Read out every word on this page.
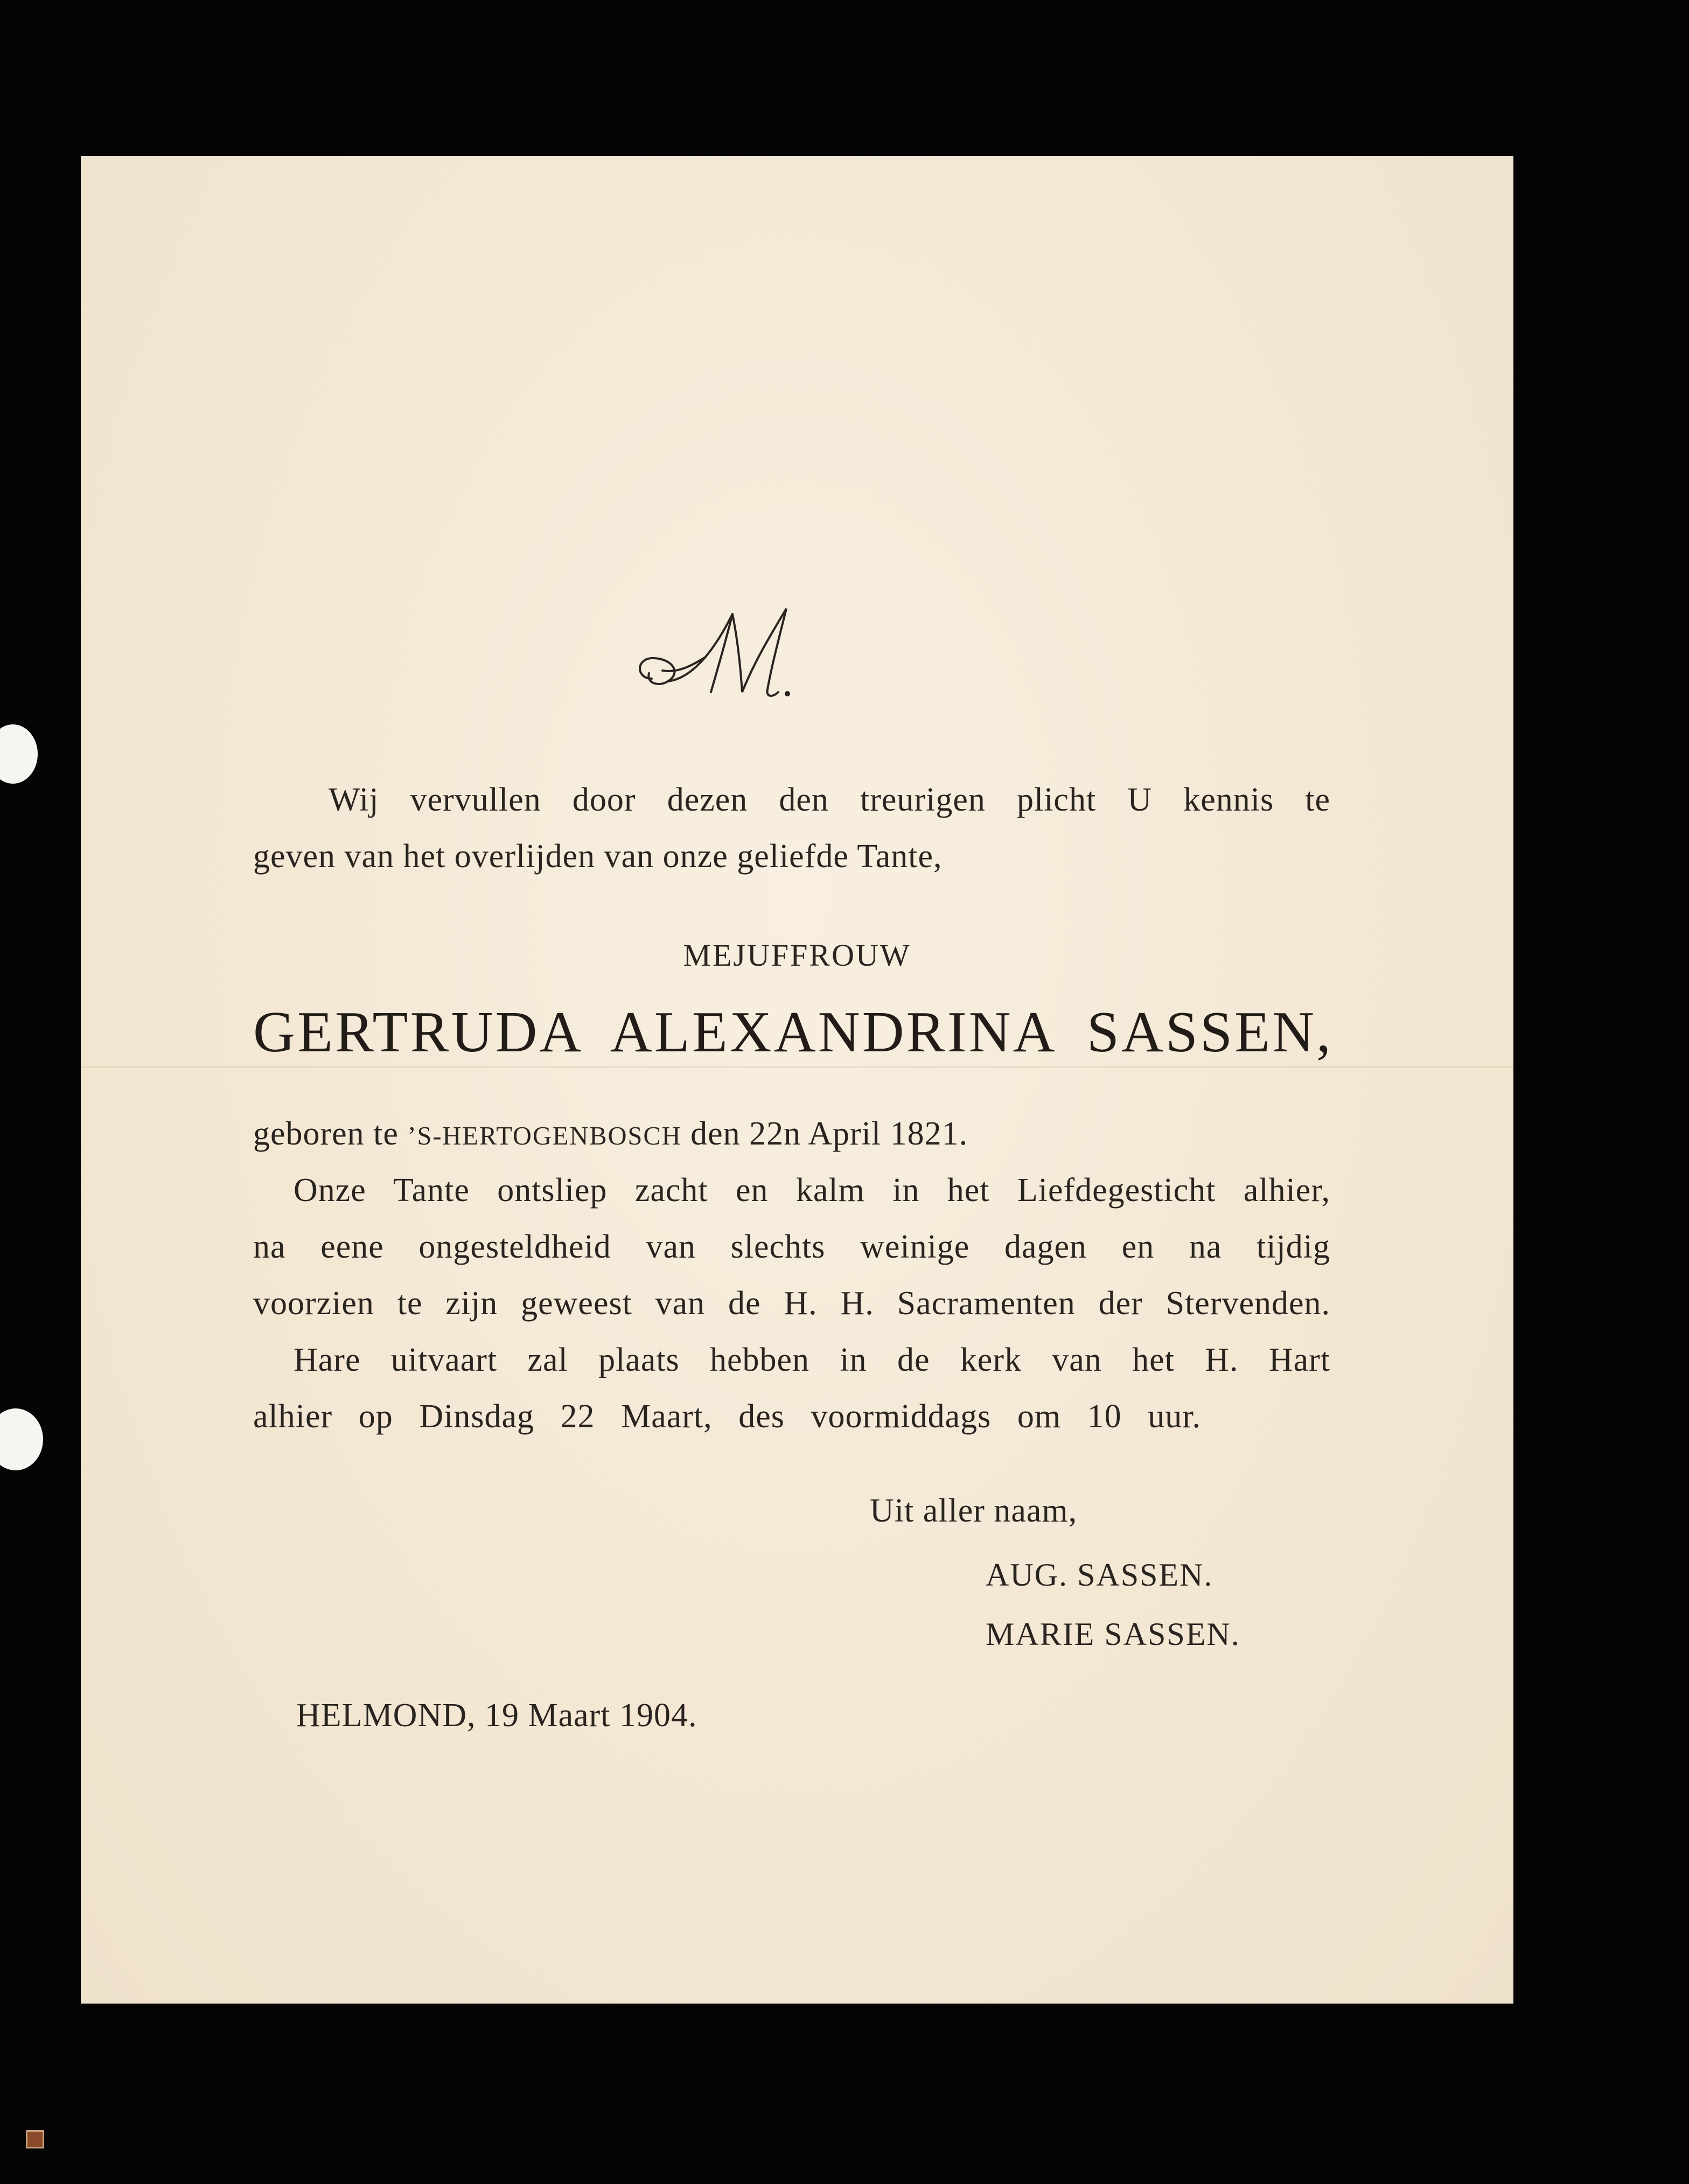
Wij vervullen door dezen den treurigen plicht U kennis te
geven van het overlijden van onze geliefde Tante,
MEJUFFROUW
GERTRUDA ALEXANDRINA SASSEN,
geboren te ’S-HERTOGENBOSCH den 22n April 1821.
Onze Tante ontsliep zacht en kalm in het Liefdegesticht alhier,
na eene ongesteldheid van slechts weinige dagen en na tijdig
voorzien te zijn geweest van de H. H. Sacramenten der Stervenden.
Hare uitvaart zal plaats hebben in de kerk van het H. Hart
alhier op Dinsdag 22 Maart, des voormiddags om 10 uur.
Uit aller naam,
AUG. SASSEN.
MARIE SASSEN.
HELMOND, 19 Maart 1904.
